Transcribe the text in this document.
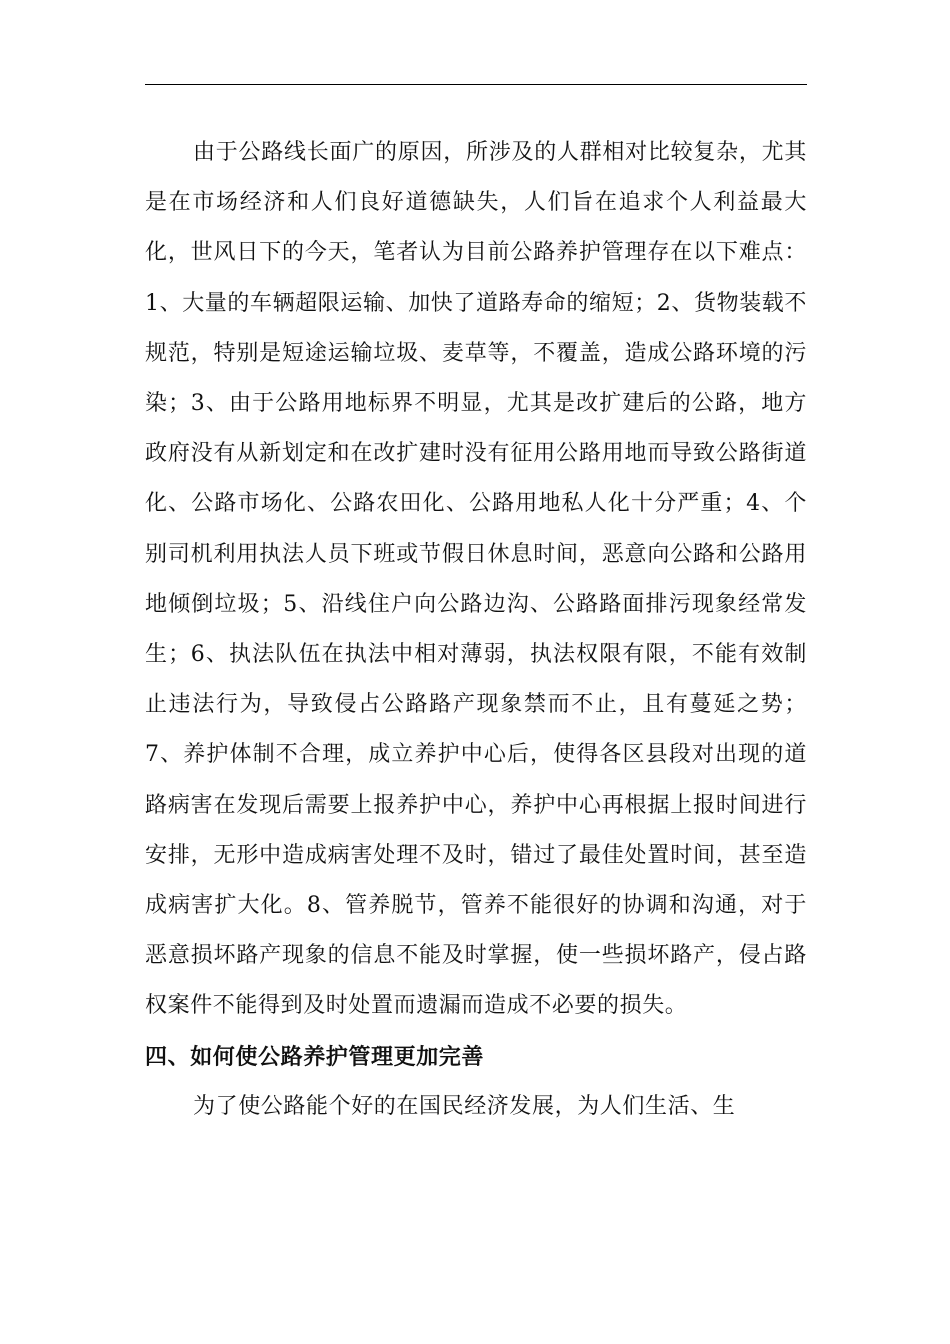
由于公路线长面广的原因，所涉及的人群相对比较复杂，尤其是在市场经济和人们良好道德缺失，人们旨在追求个人利益最大化，世风日下的今天，笔者认为目前公路养护管理存在以下难点：1、大量的车辆超限运输、加快了道路寿命的缩短；2、货物装载不规范，特别是短途运输垃圾、麦草等，不覆盖，造成公路环境的污染；3、由于公路用地标界不明显，尤其是改扩建后的公路，地方政府没有从新划定和在改扩建时没有征用公路用地而导致公路街道化、公路市场化、公路农田化、公路用地私人化十分严重；4、个别司机利用执法人员下班或节假日休息时间，恶意向公路和公路用地倾倒垃圾；5、沿线住户向公路边沟、公路路面排污现象经常发生；6、执法队伍在执法中相对薄弱，执法权限有限，不能有效制止违法行为，导致侵占公路路产现象禁而不止，且有蔓延之势；7、养护体制不合理，成立养护中心后，使得各区县段对出现的道路病害在发现后需要上报养护中心，养护中心再根据上报时间进行安排，无形中造成病害处理不及时，错过了最佳处置时间，甚至造成病害扩大化。8、管养脱节，管养不能很好的协调和沟通，对于恶意损坏路产现象的信息不能及时掌握，使一些损坏路产，侵占路权案件不能得到及时处置而遗漏而造成不必要的损失。

四、如何使公路养护管理更加完善

为了使公路能个好的在国民经济发展，为人们生活、生
